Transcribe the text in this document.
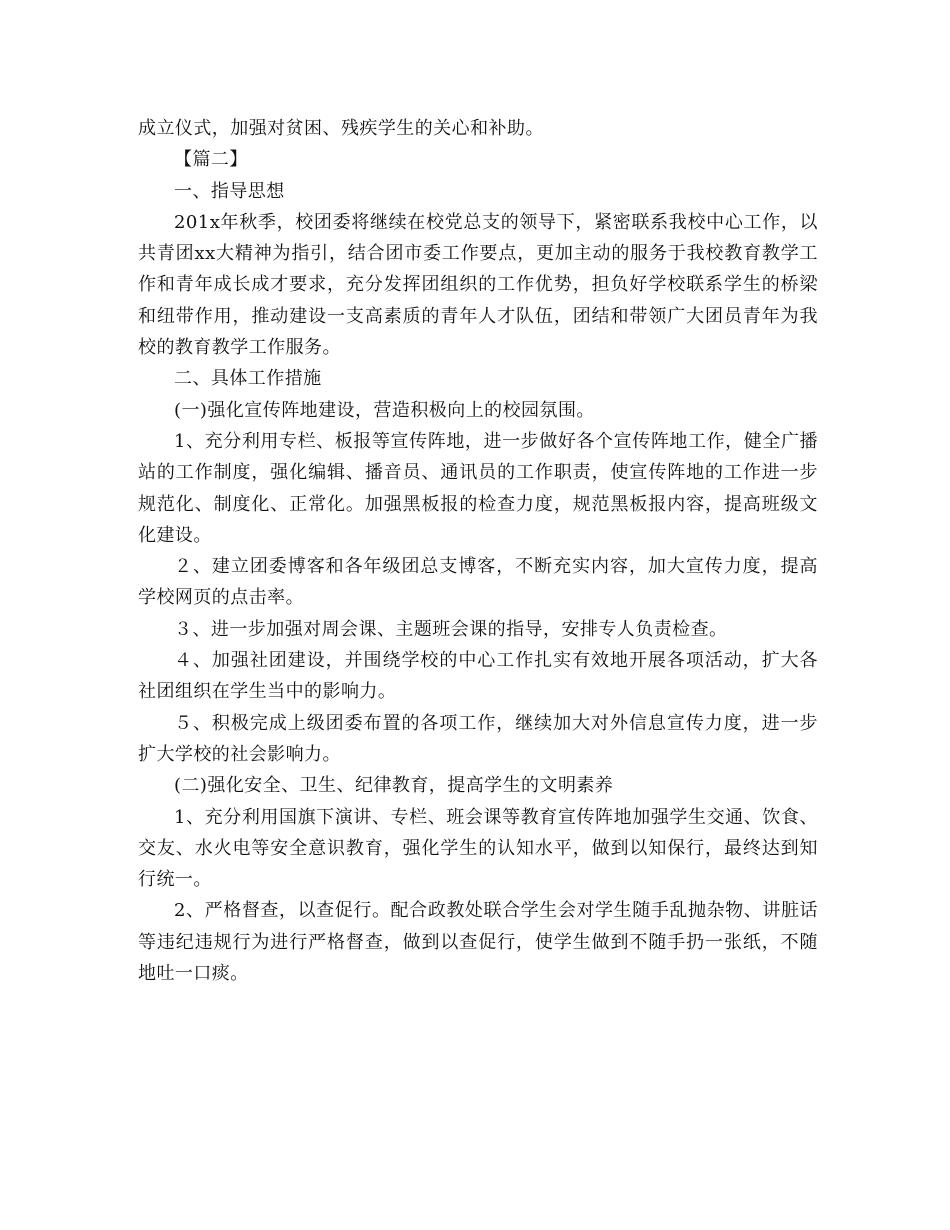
成立仪式，加强对贫困、残疾学生的关心和补助。

【篇二】

一、指导思想

201x年秋季，校团委将继续在校党总支的领导下，紧密联系我校中心工作，以共青团xx大精神为指引，结合团市委工作要点，更加主动的服务于我校教育教学工作和青年成长成才要求，充分发挥团组织的工作优势，担负好学校联系学生的桥梁和纽带作用，推动建设一支高素质的青年人才队伍，团结和带领广大团员青年为我校的教育教学工作服务。

二、具体工作措施

(一)强化宣传阵地建设，营造积极向上的校园氛围。

1、充分利用专栏、板报等宣传阵地，进一步做好各个宣传阵地工作，健全广播站的工作制度，强化编辑、播音员、通讯员的工作职责，使宣传阵地的工作进一步规范化、制度化、正常化。加强黑板报的检查力度，规范黑板报内容，提高班级文化建设。

２、建立团委博客和各年级团总支博客，不断充实内容，加大宣传力度，提高学校网页的点击率。

３、进一步加强对周会课、主题班会课的指导，安排专人负责检查。

４、加强社团建设，并围绕学校的中心工作扎实有效地开展各项活动，扩大各社团组织在学生当中的影响力。

５、积极完成上级团委布置的各项工作，继续加大对外信息宣传力度，进一步扩大学校的社会影响力。

(二)强化安全、卫生、纪律教育，提高学生的文明素养

1、充分利用国旗下演讲、专栏、班会课等教育宣传阵地加强学生交通、饮食、交友、水火电等安全意识教育，强化学生的认知水平，做到以知保行，最终达到知行统一。

2、严格督查，以查促行。配合政教处联合学生会对学生随手乱抛杂物、讲脏话等违纪违规行为进行严格督查，做到以查促行，使学生做到不随手扔一张纸，不随地吐一口痰。
